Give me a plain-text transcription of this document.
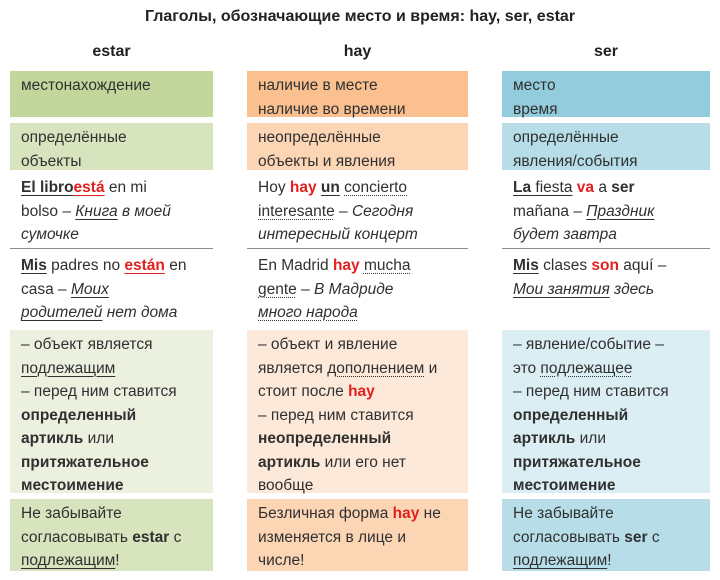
Глаголы, обозначающие место и время: hay, ser, estar
estar	hay	ser
местонахождение
определённые
объекты
El libroestá en mi
bolso – Книга в моей
сумочке
Mis padres no están en
casa – Моих
родителей нет дома
– объект является
подлежащим
– перед ним ставится
определенный
артикль или
притяжательное
местоимение
Не забывайте
согласовывать estar с
подлежащим!
наличие в месте
наличие во времени
неопределённые
объекты и явления
Hoy hay un concierto
interesante – Сегодня
интересный концерт
En Madrid hay mucha
gente – В Мадриде
много народа
– объект и явление
является дополнением и
стоит после hay
– перед ним ставится
неопределенный
артикль или его нет
вообще
Безличная форма hay не
изменяется в лице и
числе!
место
время
определённые
явления/события
La fiesta va a ser
mañana – Праздник
будет завтра
Mis clases son aquí –
Мои занятия здесь
– явление/событие –
это подлежащее
– перед ним ставится
определенный
артикль или
притяжательное
местоимение
Не забывайте
согласовывать ser с
подлежащим!
